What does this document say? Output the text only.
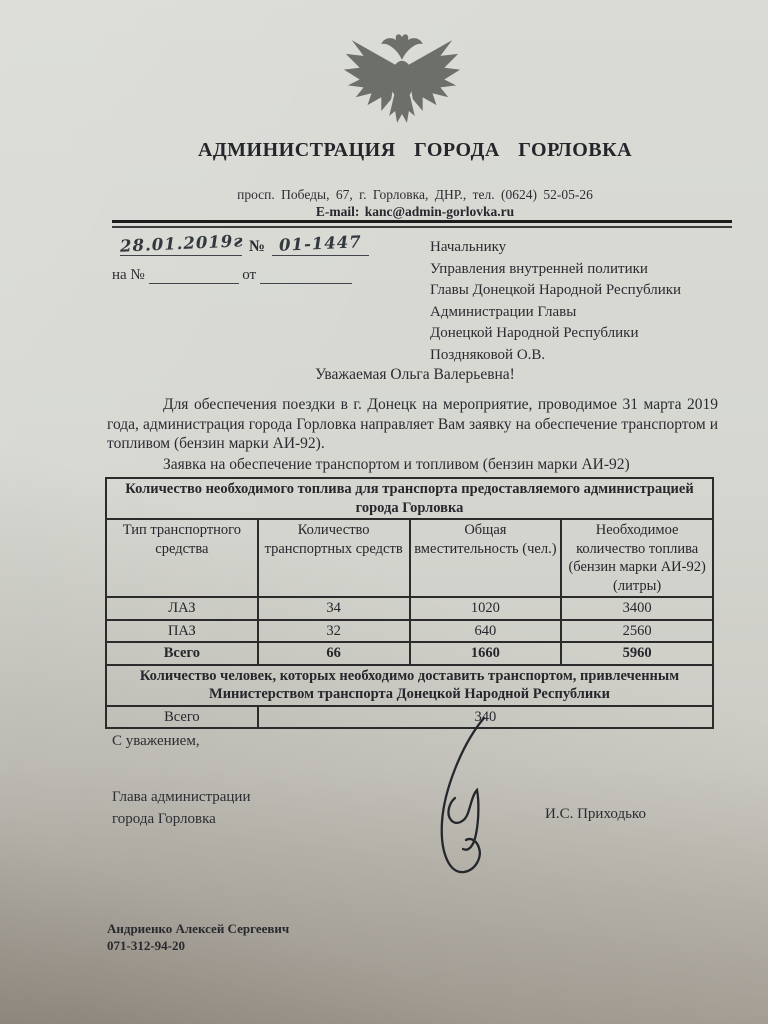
АДМИНИСТРАЦИЯ ГОРОДА ГОРЛОВКА
просп. Победы, 67, г. Горловка, ДНР., тел. (0624) 52-05-26
E-mail: kanc@admin-gorlovka.ru
28.01.2019г № 01-1447
на №	от
Начальнику
Управления внутренней политики
Главы Донецкой Народной Республики
Администрации Главы
Донецкой Народной Республики
Поздняковой О.В.
Уважаемая Ольга Валерьевна!
Для обеспечения поездки в г. Донецк на мероприятие, проводимое 31 марта 2019 года, администрация города Горловка направляет Вам заявку на обеспечение транспортом и топливом (бензин марки АИ-92).
Заявка на обеспечение транспортом и топливом (бензин марки АИ-92)
Количество необходимого топлива для транспорта предоставляемого администрацией города Горловка			

Тип транспортного средства	Количество транспортных средств	Общая вместительность (чел.)	Необходимое количество топлива (бензин марки АИ-92) (литры)
ЛАЗ	34	1020	3400
ПАЗ	32	640	2560
Всего	66	1660	5960

Количество человек, которых необходимо доставить транспортом, привлеченным Министерством транспорта Донецкой Народной Республики			

Всего	340		
С уважением,
Глава администрации
города Горловка	И.С. Приходько
Андриенко Алексей Сергеевич
071-312-94-20
